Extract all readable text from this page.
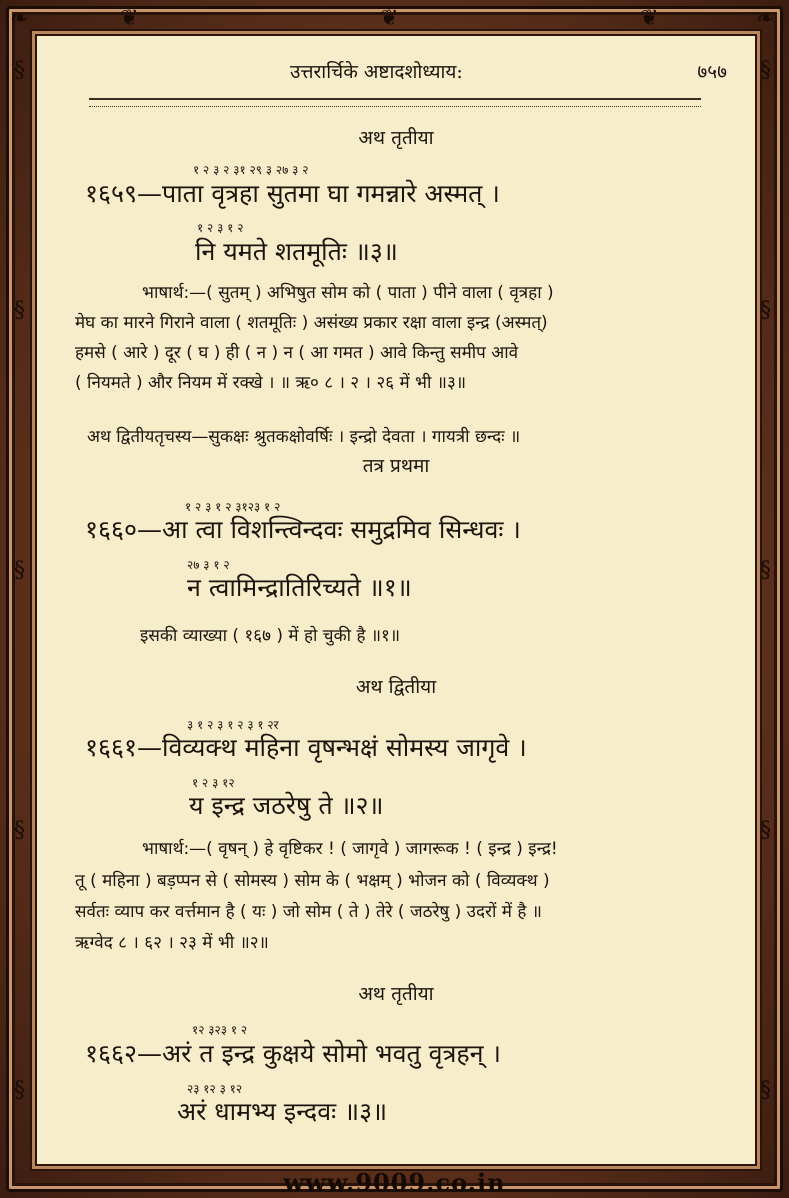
§
§
§
§
§
§
§
§
§
§
❦	❦	❦
❧	❧
उत्तरार्चिके अष्टादशोध्याय:	७५७
अथ तृतीया
१ २ ३ २ ३१ २९ ३ २७ ३ २
१६५९—पाता वृत्रहा सुतमा घा गमन्नारे अस्मत् ।
१ २ ३ १ २
नि यमते शतमूतिः ॥३॥
भाषार्थ:—( सुतम् ) अभिषुत सोम को ( पाता ) पीने वाला ( वृत्रहा )
मेघ का मारने गिराने वाला ( शतमूतिः ) असंख्य प्रकार रक्षा वाला इन्द्र (अस्मत्)
हमसे ( आरे ) दूर ( घ ) ही ( न ) न ( आ गमत ) आवे किन्तु समीप आवे
( नियमते ) और नियम में रक्खे । ॥ ऋ० ८ । २ । २६ में भी ॥३॥
अथ द्वितीयतृचस्य—सुकक्षः श्रुतकक्षोवर्षिः । इन्द्रो देवता । गायत्री छन्दः ॥
तत्र प्रथमा
१ २ ३ १ २ ३१२३ १ २
१६६०—आ त्वा विशन्त्विन्दवः समुद्रमिव सिन्धवः ।
२७ ३ १ २
न त्वामिन्द्रातिरिच्यते ॥१॥
इसकी व्याख्या ( १६७ ) में हो चुकी है ॥१॥
अथ द्वितीया
३ १ २ ३ १ २ ३ १ २र
१६६१—विव्यक्थ महिना वृषन्भक्षं सोमस्य जागृवे ।
१ २ ३ १२
य इन्द्र जठरेषु ते ॥२॥
भाषार्थ:—( वृषन् ) हे वृष्टिकर ! ( जागृवे ) जागरूक ! ( इन्द्र ) इन्द्र!
तू ( महिना ) बड़प्पन से ( सोमस्य ) सोम के ( भक्षम् ) भोजन को ( विव्यक्थ )
सर्वतः व्याप कर वर्त्तमान है ( यः ) जो सोम ( ते ) तेरे ( जठरेषु ) उदरों में है ॥
ऋग्वेद ८ । ६२ । २३ में भी ॥२॥
अथ तृतीया
१२ ३२३ १ २
१६६२—अरं त इन्द्र कुक्षये सोमो भवतु वृत्रहन् ।
२३ १२ ३ १२
अरं धामभ्य इन्दवः ॥३॥
www.9009.co.in
